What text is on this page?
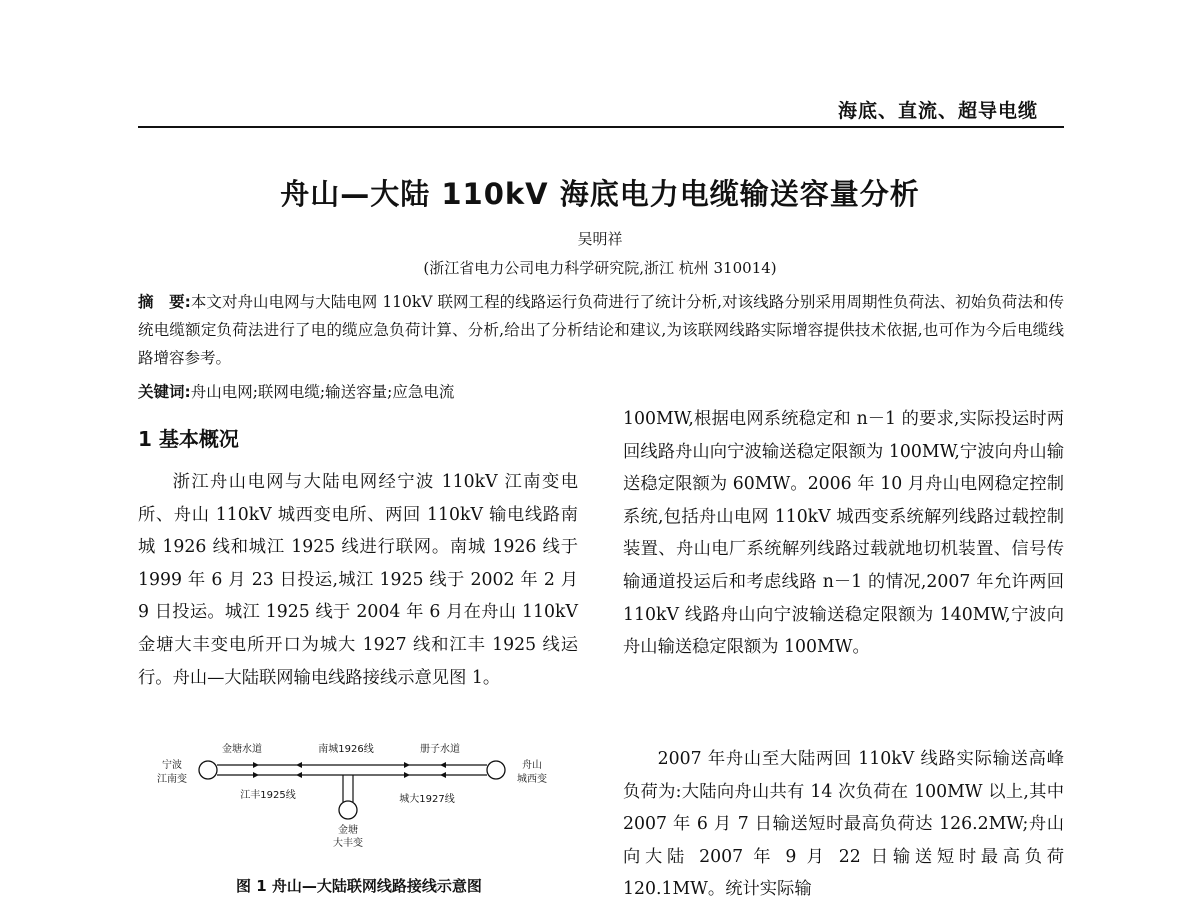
海底、直流、超导电缆
舟山—大陆 110kV 海底电力电缆输送容量分析
吴明祥
(浙江省电力公司电力科学研究院,浙江 杭州 310014)
摘　要:本文对舟山电网与大陆电网 110kV 联网工程的线路运行负荷进行了统计分析,对该线路分别采用周期性负荷法、初始负荷法和传统电缆额定负荷法进行了电的缆应急负荷计算、分析,给出了分析结论和建议,为该联网线路实际增容提供技术依据,也可作为今后电缆线路增容参考。
关键词:舟山电网;联网电缆;输送容量;应急电流
1 基本概况
浙江舟山电网与大陆电网经宁波 110kV 江南变电所、舟山 110kV 城西变电所、两回 110kV 输电线路南城 1926 线和城江 1925 线进行联网。南城 1926 线于 1999 年 6 月 23 日投运,城江 1925 线于 2002 年 2 月 9 日投运。城江 1925 线于 2004 年 6 月在舟山 110kV 金塘大丰变电所开口为城大 1927 线和江丰 1925 线运行。舟山—大陆联网输电线路接线示意见图 1。
金塘水道	南城1926线	册子水道
宁波
江南变
舟山
城西变
金塘
大丰变
江丰1925线	城大1927线
图 1 舟山—大陆联网线路接线示意图
100MW,根据电网系统稳定和 n－1 的要求,实际投运时两回线路舟山向宁波输送稳定限额为 100MW,宁波向舟山输送稳定限额为 60MW。2006 年 10 月舟山电网稳定控制系统,包括舟山电网 110kV 城西变系统解列线路过载控制装置、舟山电厂系统解列线路过载就地切机装置、信号传输通道投运后和考虑线路 n－1 的情况,2007 年允许两回 110kV 线路舟山向宁波输送稳定限额为 140MW,宁波向舟山输送稳定限额为 100MW。
2007 年舟山至大陆两回 110kV 线路实际输送高峰负荷为:大陆向舟山共有 14 次负荷在 100MW 以上,其中 2007 年 6 月 7 日输送短时最高负荷达 126.2MW;舟山向大陆 2007 年 9 月 22 日输送短时最高负荷 120.1MW。统计实际输
